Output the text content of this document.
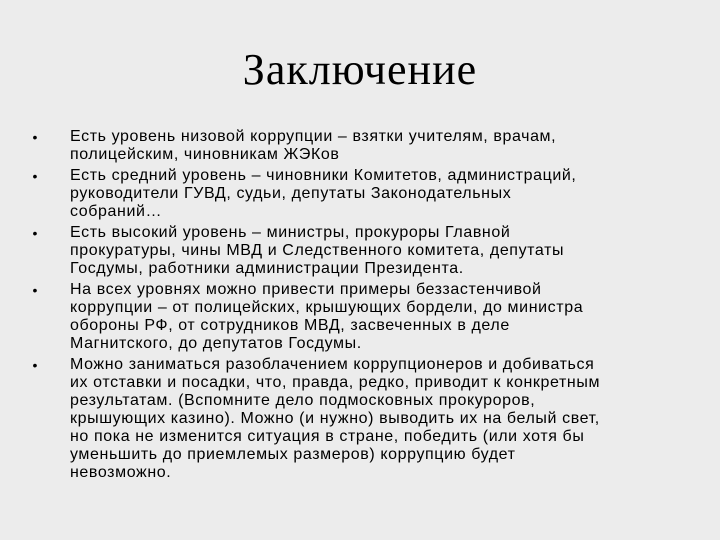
Заключение
• Есть уровень низовой коррупции – взятки учителям, врачам,
полицейским, чиновникам ЖЭКов
• Есть средний уровень – чиновники Комитетов, администраций,
руководители ГУВД, судьи, депутаты Законодательных
собраний…
• Есть высокий уровень – министры, прокуроры Главной
прокуратуры, чины МВД и Следственного комитета, депутаты
Госдумы, работники администрации Президента.
• На всех уровнях можно привести примеры беззастенчивой
коррупции – от полицейских, крышующих бордели, до министра
обороны РФ, от сотрудников МВД, засвеченных в деле
Магнитского, до депутатов Госдумы.
• Можно заниматься разоблачением коррупционеров и добиваться
их отставки и посадки, что, правда, редко, приводит к конкретным
результатам. (Вспомните дело подмосковных прокуроров,
крышующих казино). Можно (и нужно) выводить их на белый свет,
но пока не изменится ситуация в стране, победить (или хотя бы
уменьшить до приемлемых размеров) коррупцию будет
невозможно.
